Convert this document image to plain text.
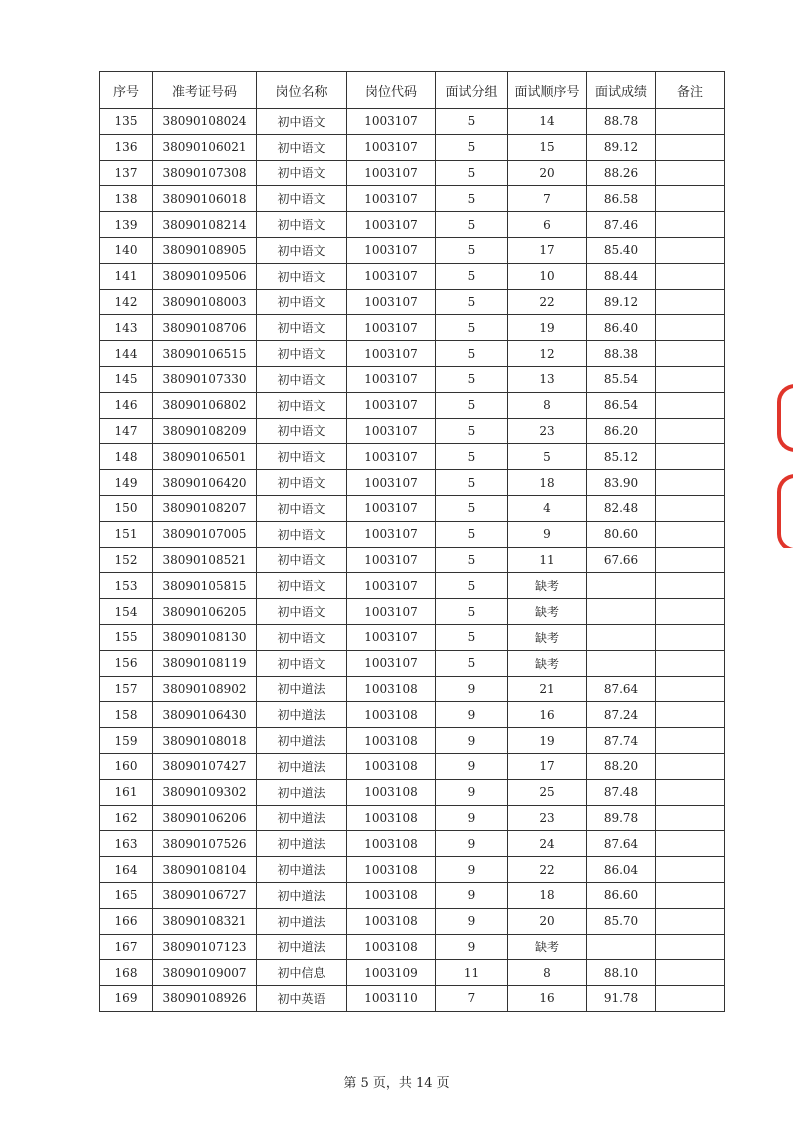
序号	准考证号码	岗位名称	岗位代码	面试分组	面试顺序号	面试成绩	备注
135	38090108024	初中语文	1003107	5	14	88.78	
136	38090106021	初中语文	1003107	5	15	89.12	
137	38090107308	初中语文	1003107	5	20	88.26	
138	38090106018	初中语文	1003107	5	7	86.58	
139	38090108214	初中语文	1003107	5	6	87.46	
140	38090108905	初中语文	1003107	5	17	85.40	
141	38090109506	初中语文	1003107	5	10	88.44	
142	38090108003	初中语文	1003107	5	22	89.12	
143	38090108706	初中语文	1003107	5	19	86.40	
144	38090106515	初中语文	1003107	5	12	88.38	
145	38090107330	初中语文	1003107	5	13	85.54	
146	38090106802	初中语文	1003107	5	8	86.54	
147	38090108209	初中语文	1003107	5	23	86.20	
148	38090106501	初中语文	1003107	5	5	85.12	
149	38090106420	初中语文	1003107	5	18	83.90	
150	38090108207	初中语文	1003107	5	4	82.48	
151	38090107005	初中语文	1003107	5	9	80.60	
152	38090108521	初中语文	1003107	5	11	67.66	
153	38090105815	初中语文	1003107	5	缺考		
154	38090106205	初中语文	1003107	5	缺考		
155	38090108130	初中语文	1003107	5	缺考		
156	38090108119	初中语文	1003107	5	缺考		
157	38090108902	初中道法	1003108	9	21	87.64	
158	38090106430	初中道法	1003108	9	16	87.24	
159	38090108018	初中道法	1003108	9	19	87.74	
160	38090107427	初中道法	1003108	9	17	88.20	
161	38090109302	初中道法	1003108	9	25	87.48	
162	38090106206	初中道法	1003108	9	23	89.78	
163	38090107526	初中道法	1003108	9	24	87.64	
164	38090108104	初中道法	1003108	9	22	86.04	
165	38090106727	初中道法	1003108	9	18	86.60	
166	38090108321	初中道法	1003108	9	20	85.70	
167	38090107123	初中道法	1003108	9	缺考		
168	38090109007	初中信息	1003109	11	8	88.10	
169	38090108926	初中英语	1003110	7	16	91.78	
第 5 页，共 14 页
